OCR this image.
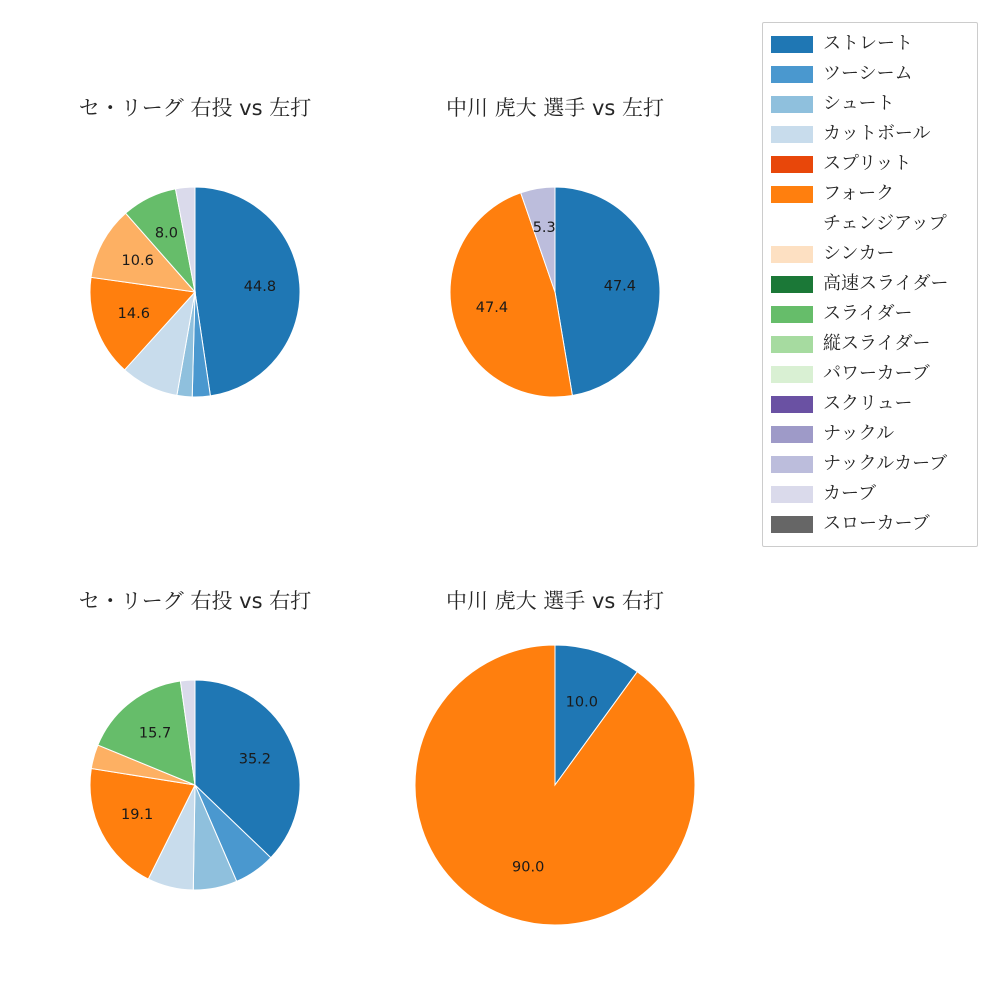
セ・リーグ 右投 vs 左打
44.8
14.6
10.6
8.0
中川 虎大 選手 vs 左打
47.4
47.4
5.3
セ・リーグ 右投 vs 右打
35.2
19.1
15.7
中川 虎大 選手 vs 右打
10.0
90.0
ストレート
ツーシーム
シュート
カットボール
スプリット
フォーク
チェンジアップ
シンカー
高速スライダー
スライダー
縦スライダー
パワーカーブ
スクリュー
ナックル
ナックルカーブ
カーブ
スローカーブ
